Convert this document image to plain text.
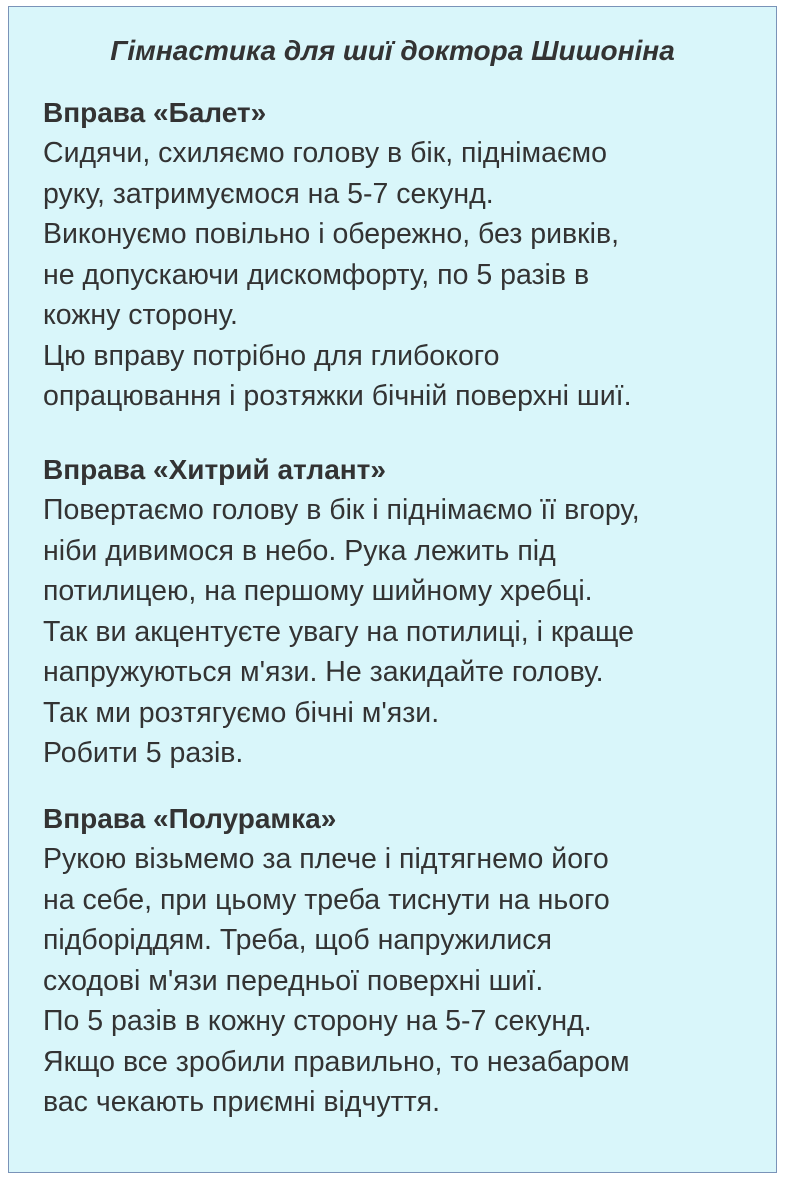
Гімнастика для шиї доктора Шишоніна
Вправа «Балет»
Сидячи, схиляємо голову в бік, піднімаємо
руку, затримуємося на 5-7 секунд.
Виконуємо повільно і обережно, без ривків,
не допускаючи дискомфорту, по 5 разів в
кожну сторону.
Цю вправу потрібно для глибокого
опрацювання і розтяжки бічній поверхні шиї.
Вправа «Хитрий атлант»
Повертаємо голову в бік і піднімаємо її вгору,
ніби дивимося в небо. Рука лежить під
потилицею, на першому шийному хребці.
Так ви акцентуєте увагу на потилиці, і краще
напружуються м'язи. Не закидайте голову.
Так ми розтягуємо бічні м'язи.
Робити 5 разів.
Вправа «Полурамка»
Рукою візьмемо за плече і підтягнемо його
на себе, при цьому треба тиснути на нього
підборіддям. Треба, щоб напружилися
сходові м'язи передньої поверхні шиї.
По 5 разів в кожну сторону на 5-7 секунд.
Якщо все зробили правильно, то незабаром
вас чекають приємні відчуття.
